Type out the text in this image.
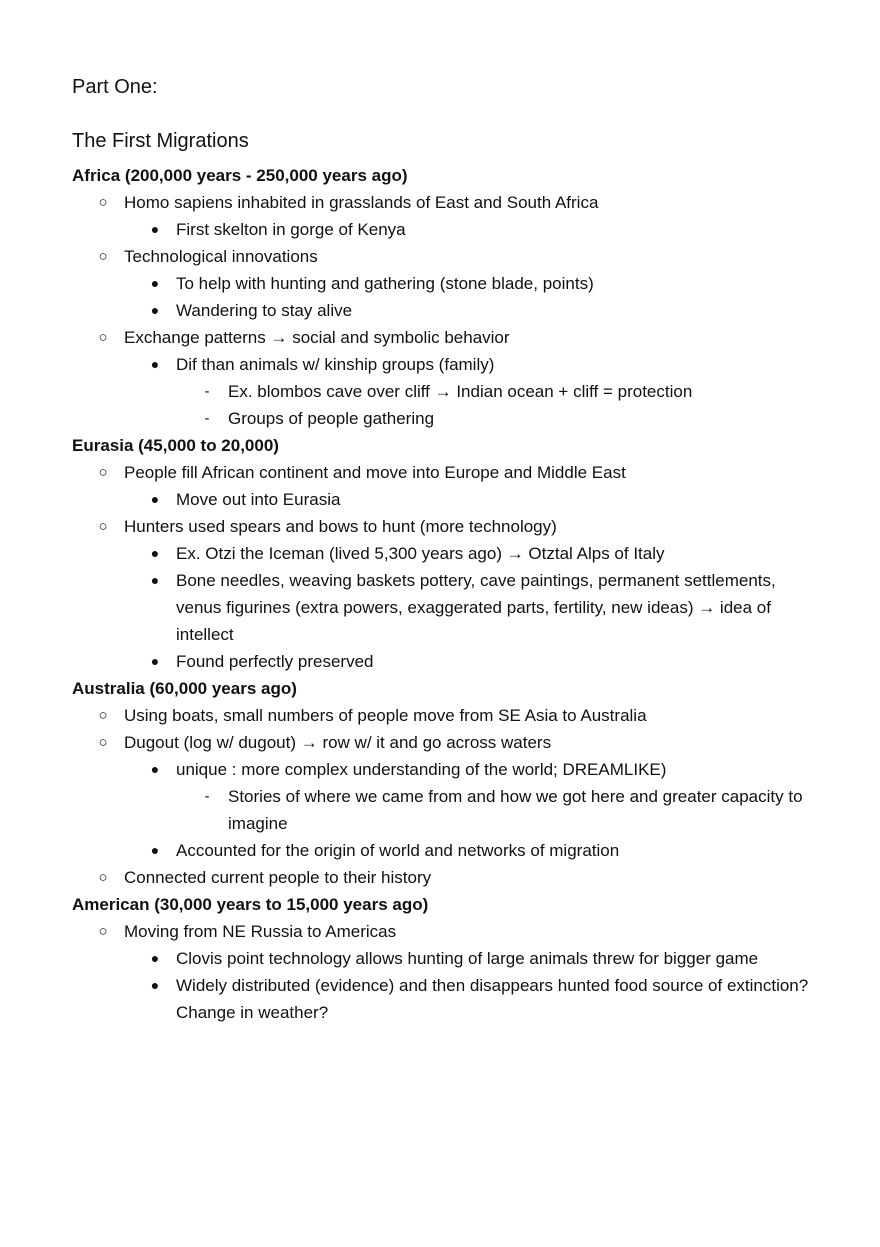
Part One:
The First Migrations
Africa (200,000 years - 250,000 years ago)
○ Homo sapiens inhabited in grasslands of East and South Africa
● First skelton in gorge of Kenya
○ Technological innovations
● To help with hunting and gathering (stone blade, points)
● Wandering to stay alive
○ Exchange patterns → social and symbolic behavior
● Dif than animals w/ kinship groups (family)
-	Ex. blombos cave over cliff → Indian ocean + cliff = protection
-	Groups of people gathering
Eurasia (45,000 to 20,000)
○ People fill African continent and move into Europe and Middle East
● Move out into Eurasia
○ Hunters used spears and bows to hunt (more technology)
● Ex. Otzi the Iceman (lived 5,300 years ago) → Otztal Alps of Italy
● Bone needles, weaving baskets pottery, cave paintings, permanent settlements, venus figurines (extra powers, exaggerated parts, fertility, new ideas) → idea of intellect
● Found perfectly preserved
Australia (60,000 years ago)
○ Using boats, small numbers of people move from SE Asia to Australia
○ Dugout (log w/ dugout) → row w/ it and go across waters
● unique : more complex understanding of the world; DREAMLIKE)
-	Stories of where we came from and how we got here and greater capacity to imagine
● Accounted for the origin of world and networks of migration
○ Connected current people to their history
American (30,000 years to 15,000 years ago)
○ Moving from NE Russia to Americas
● Clovis point technology allows hunting of large animals threw for bigger game
● Widely distributed (evidence) and then disappears hunted food source of extinction? Change in weather?
